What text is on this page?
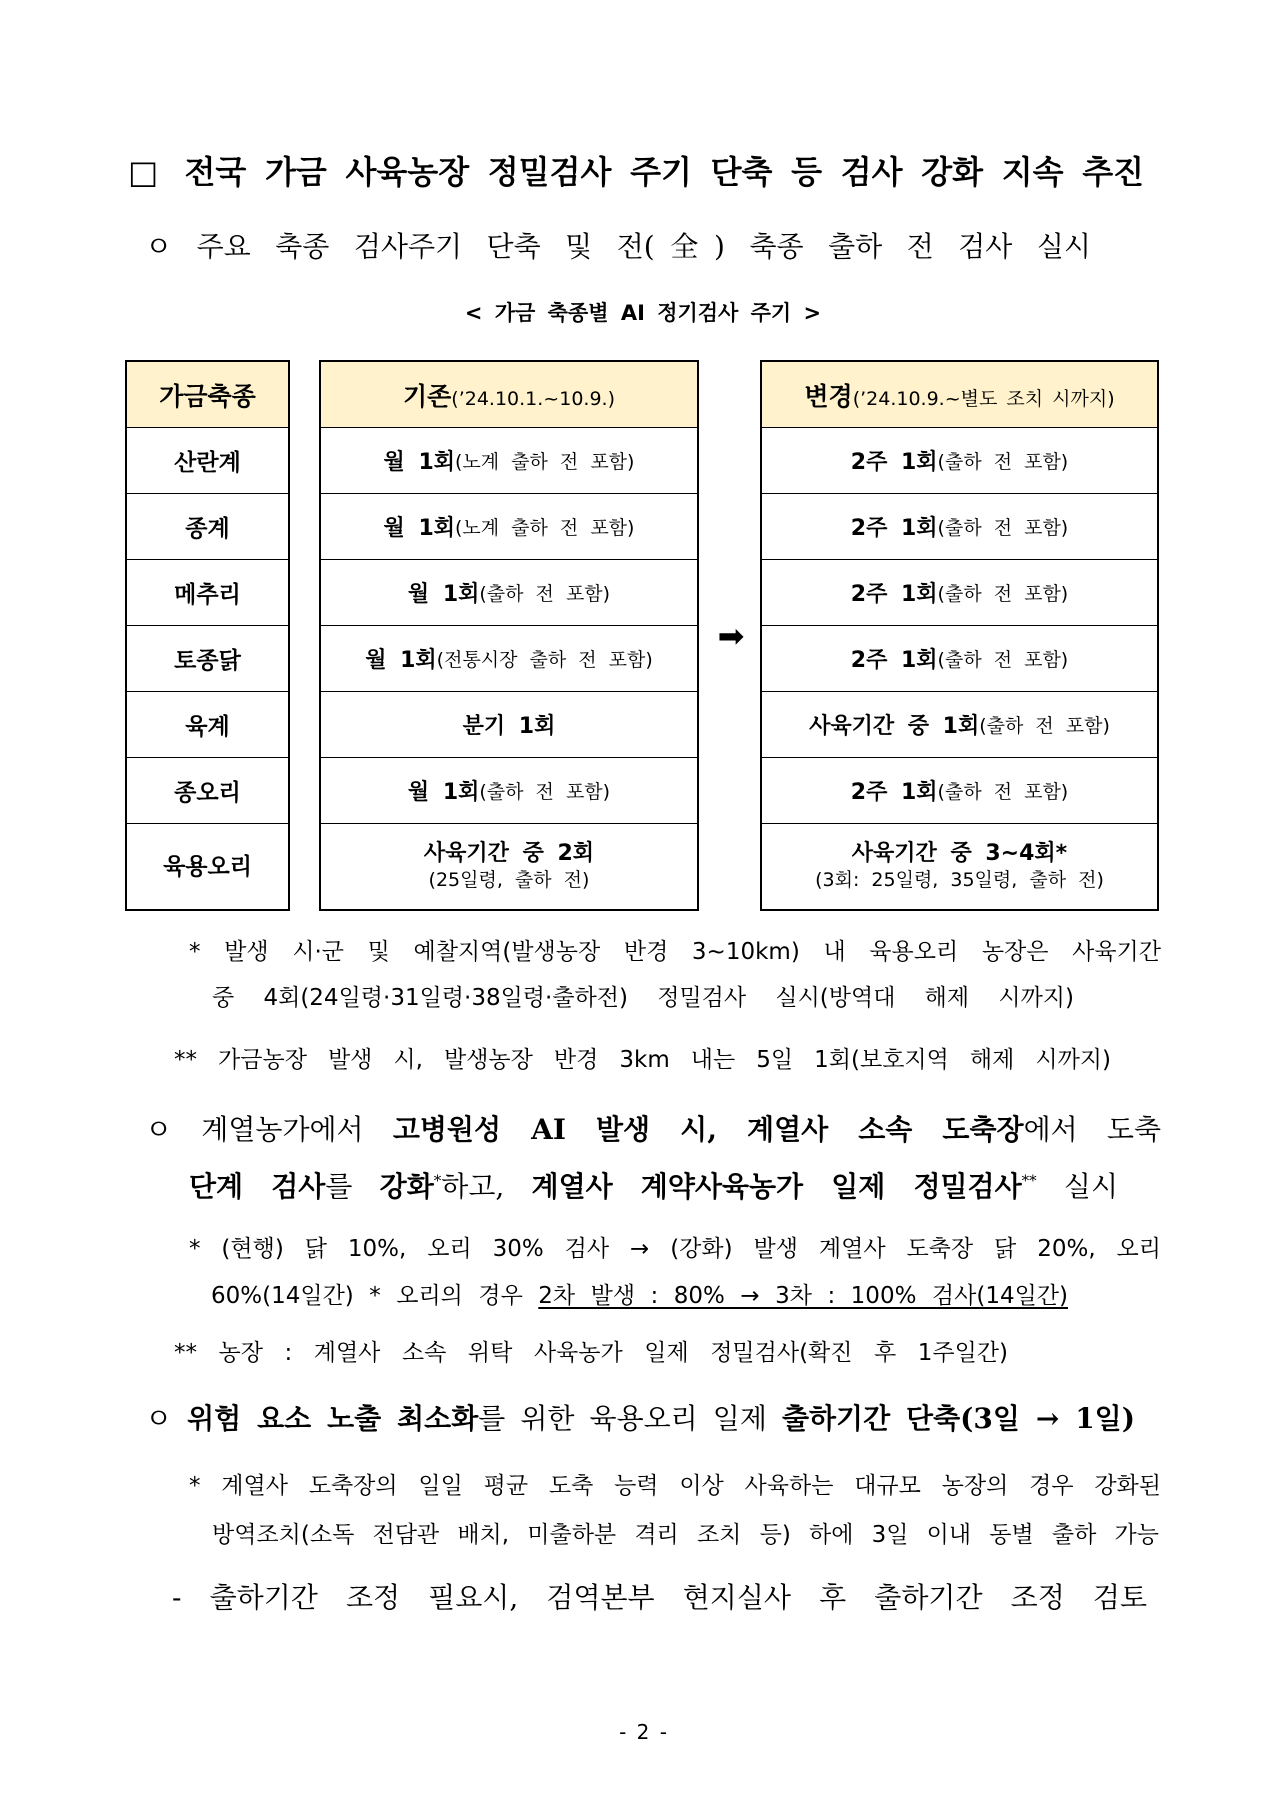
□ 전국 가금 사육농장 정밀검사 주기 단축 등 검사 강화 지속 추진
ㅇ 주요 축종 검사주기 단축 및 전(全) 축종 출하 전 검사 실시
< 가금 축종별 AI 정기검사 주기 >
가금축종
산란계
종계
메추리
토종닭
육계
종오리
육용오리
기존(’24.10.1.~10.9.)
월 1회 (노계 출하 전 포함)
월 1회 (노계 출하 전 포함)
월 1회 (출하 전 포함)
월 1회 (전통시장 출하 전 포함)
분기 1회
월 1회 (출하 전 포함)
사육기간 중 2회
(25일령, 출하 전)
➡
변경(’24.10.9.~별도 조치 시까지)
2주 1회 (출하 전 포함)
2주 1회 (출하 전 포함)
2주 1회 (출하 전 포함)
2주 1회 (출하 전 포함)
사육기간 중 1회 (출하 전 포함)
2주 1회 (출하 전 포함)
사육기간 중 3~4회*
(3회: 25일령, 35일령, 출하 전)
* 발생 시·군 및 예찰지역(발생농장 반경 3~10km) 내 육용오리 농장은 사육기간
중 4회(24일령·31일령·38일령·출하전) 정밀검사 실시(방역대 해제 시까지)
** 가금농장 발생 시, 발생농장 반경 3km 내는 5일 1회(보호지역 해제 시까지)
ㅇ 계열농가에서 고병원성 AI 발생 시, 계열사 소속 도축장에서 도축
단계 검사를 강화*하고, 계열사 계약사육농가 일제 정밀검사** 실시
* (현행) 닭 10%, 오리 30% 검사 → (강화) 발생 계열사 도축장 닭 20%, 오리
60%(14일간) * 오리의 경우 2차 발생 : 80% → 3차 : 100% 검사(14일간)
** 농장 : 계열사 소속 위탁 사육농가 일제 정밀검사(확진 후 1주일간)
ㅇ 위험 요소 노출 최소화를 위한 육용오리 일제 출하기간 단축(3일 → 1일)
* 계열사 도축장의 일일 평균 도축 능력 이상 사육하는 대규모 농장의 경우 강화된
방역조치(소독 전담관 배치, 미출하분 격리 조치 등) 하에 3일 이내 동별 출하 가능
- 출하기간 조정 필요시, 검역본부 현지실사 후 출하기간 조정 검토
- 2 -
